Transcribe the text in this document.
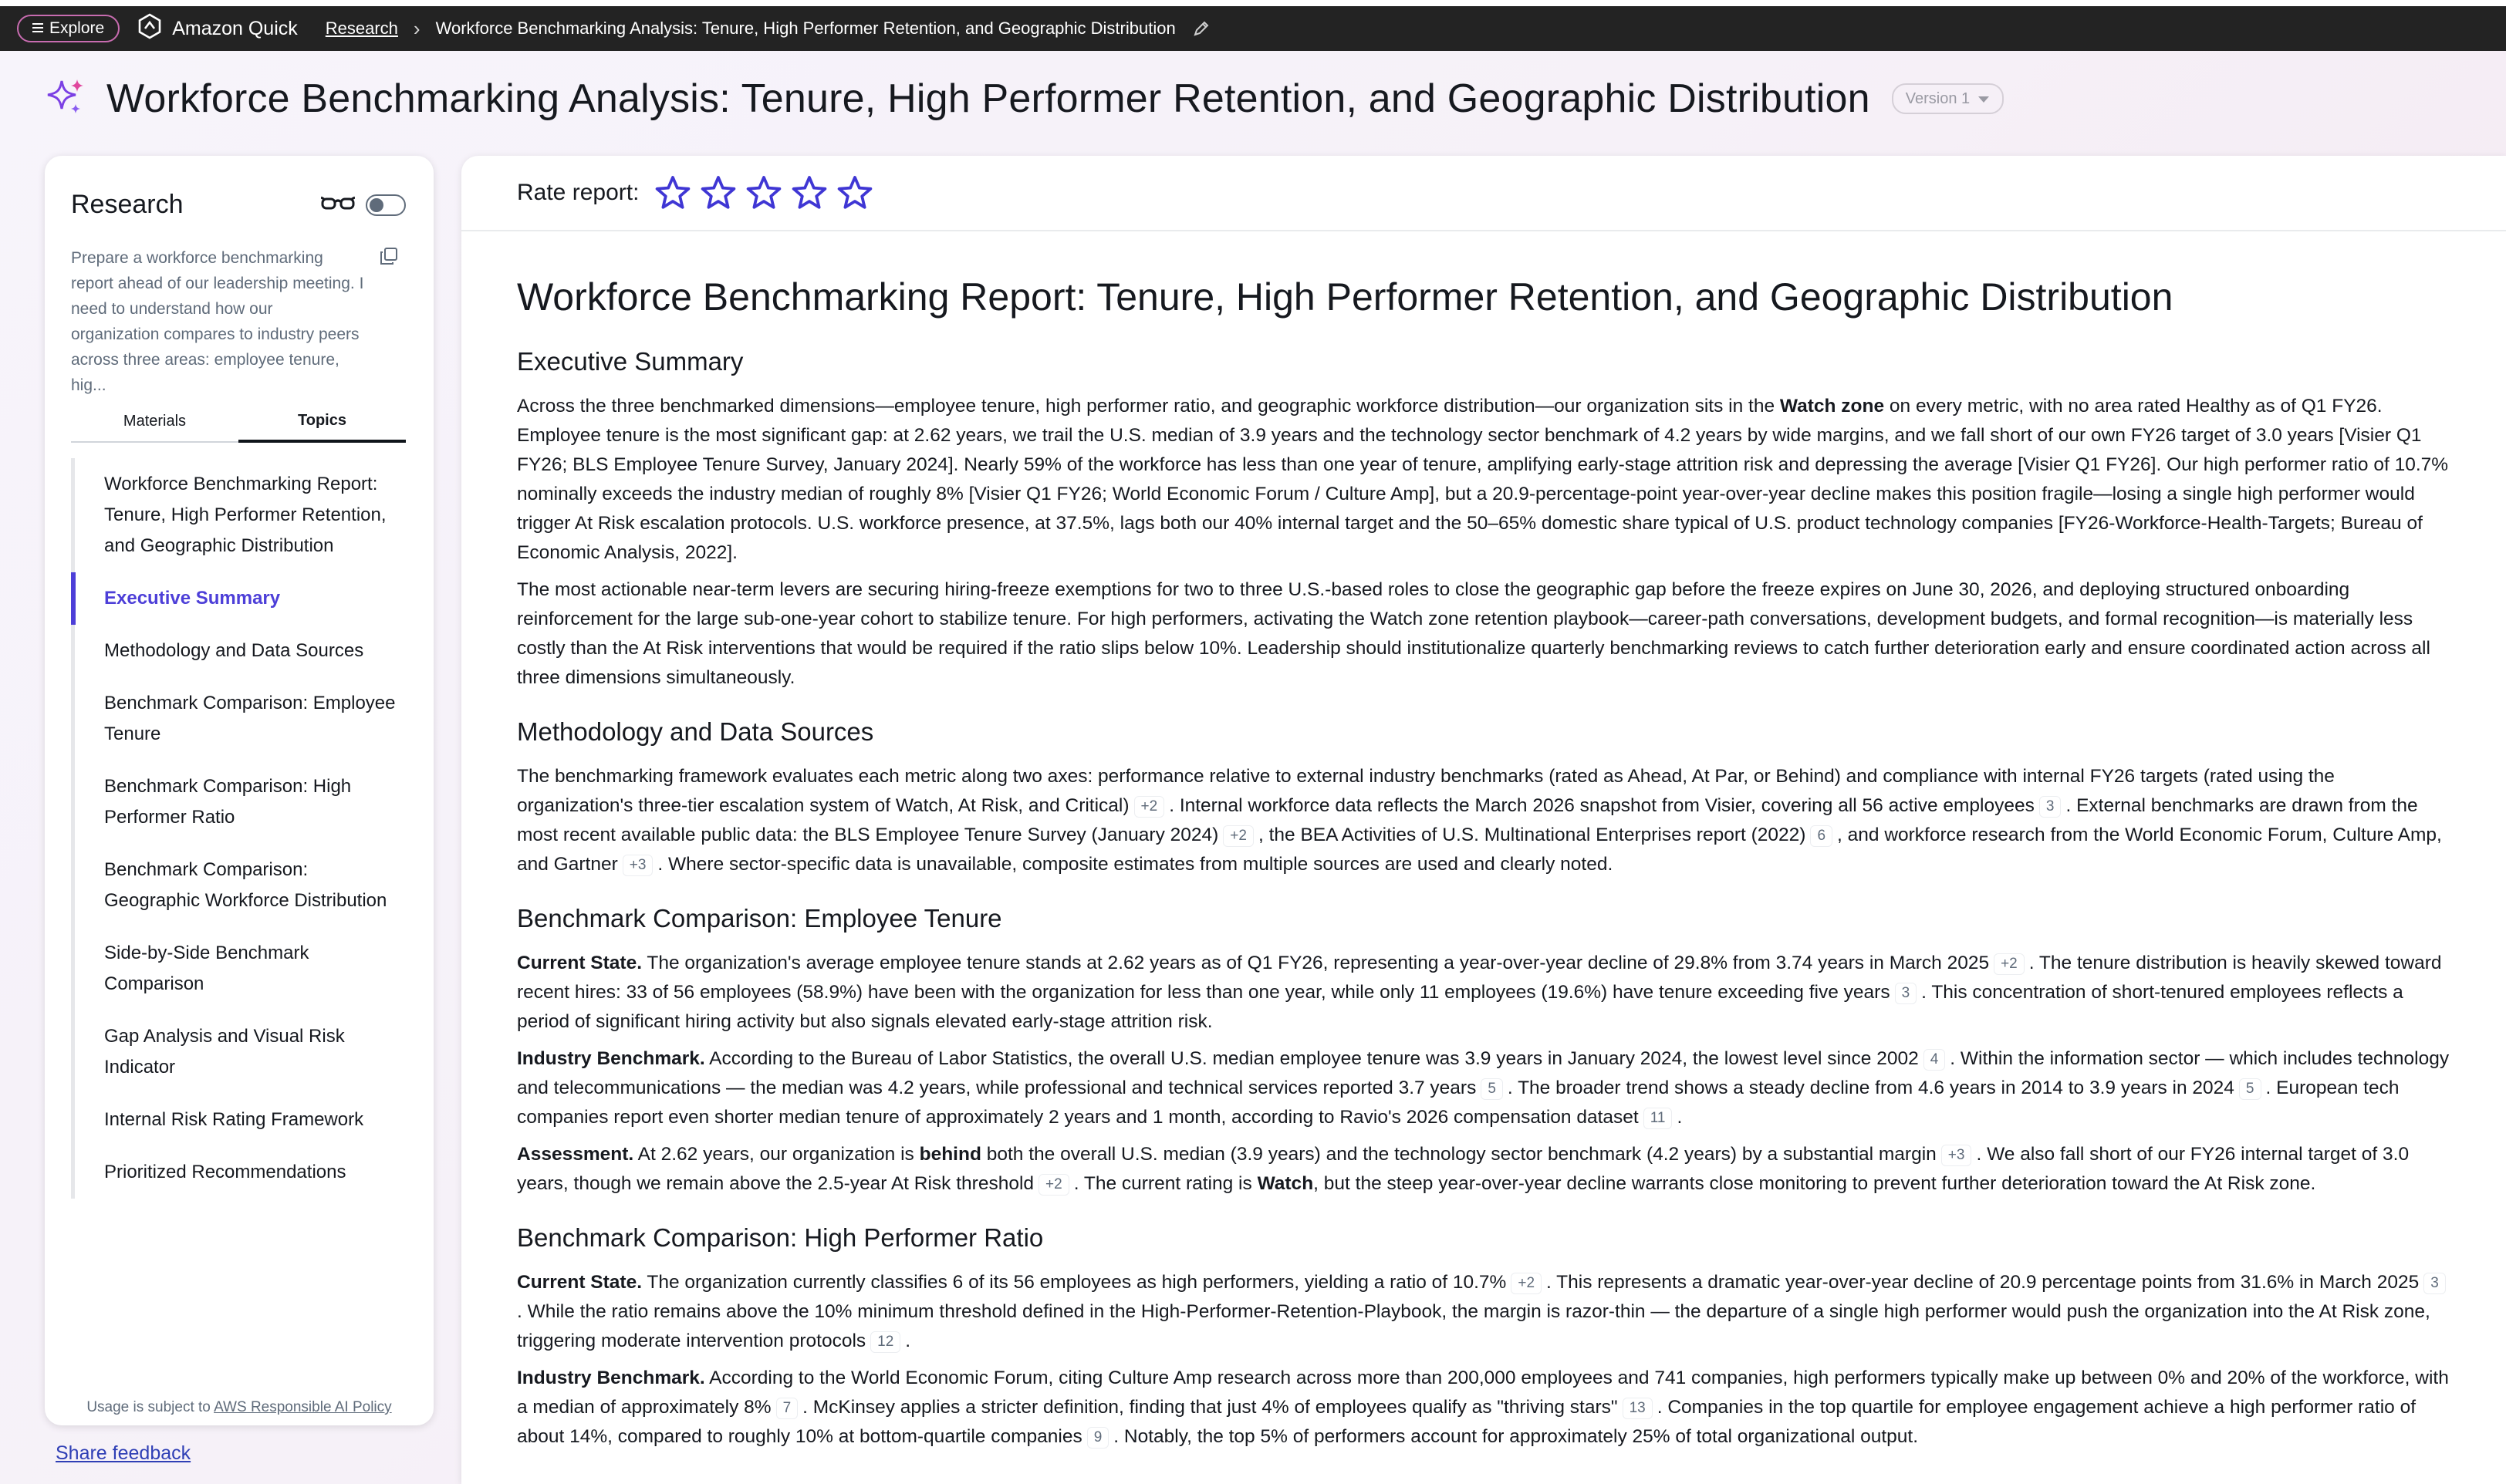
Explore	Amazon Quick Research › Workforce Benchmarking Analysis: Tenure, High Performer Retention, and Geographic Distribution
Workforce Benchmarking Analysis: Tenure, High Performer Retention, and Geographic Distribution Version 1
Research
Prepare a workforce benchmarking report ahead of our leadership meeting. I need to understand how our organization compares to industry peers across three areas: employee tenure, hig...
Materials	Topics
Workforce Benchmarking Report: Tenure, High Performer Retention, and Geographic Distribution
Executive Summary
Methodology and Data Sources
Benchmark Comparison: Employee Tenure
Benchmark Comparison: High Performer Ratio
Benchmark Comparison: Geographic Workforce Distribution
Side-by-Side Benchmark Comparison
Gap Analysis and Visual Risk Indicator
Internal Risk Rating Framework
Prioritized Recommendations
Usage is subject to AWS Responsible AI Policy
Share feedback
Rate report:
Workforce Benchmarking Report: Tenure, High Performer Retention, and Geographic Distribution
Executive Summary

Across the three benchmarked dimensions—employee tenure, high performer ratio, and geographic workforce distribution—our organization sits in the Watch zone on every metric, with no area rated Healthy as of Q1 FY26. Employee tenure is the most significant gap: at 2.62 years, we trail the U.S. median of 3.9 years and the technology sector benchmark of 4.2 years by wide margins, and we fall short of our own FY26 target of 3.0 years [Visier Q1 FY26; BLS Employee Tenure Survey, January 2024]. Nearly 59% of the workforce has less than one year of tenure, amplifying early-stage attrition risk and depressing the average [Visier Q1 FY26]. Our high performer ratio of 10.7% nominally exceeds the industry median of roughly 8% [Visier Q1 FY26; World Economic Forum / Culture Amp], but a 20.9-percentage-point year-over-year decline makes this position fragile—losing a single high performer would trigger At Risk escalation protocols. U.S. workforce presence, at 37.5%, lags both our 40% internal target and the 50–65% domestic share typical of U.S. product technology companies [FY26-Workforce-Health-Targets; Bureau of Economic Analysis, 2022].

The most actionable near-term levers are securing hiring-freeze exemptions for two to three U.S.-based roles to close the geographic gap before the freeze expires on June 30, 2026, and deploying structured onboarding reinforcement for the large sub-one-year cohort to stabilize tenure. For high performers, activating the Watch zone retention playbook—career-path conversations, development budgets, and formal recognition—is materially less costly than the At Risk interventions that would be required if the ratio slips below 10%. Leadership should institutionalize quarterly benchmarking reviews to catch further deterioration early and ensure coordinated action across all three dimensions simultaneously.

Methodology and Data Sources

The benchmarking framework evaluates each metric along two axes: performance relative to external industry benchmarks (rated as Ahead, At Par, or Behind) and compliance with internal FY26 targets (rated using the organization's three-tier escalation system of Watch, At Risk, and Critical) +2 . Internal workforce data reflects the March 2026 snapshot from Visier, covering all 56 active employees 3 . External benchmarks are drawn from the most recent available public data: the BLS Employee Tenure Survey (January 2024) +2 , the BEA Activities of U.S. Multinational Enterprises report (2022) 6 , and workforce research from the World Economic Forum, Culture Amp, and Gartner +3 . Where sector-specific data is unavailable, composite estimates from multiple sources are used and clearly noted.

Benchmark Comparison: Employee Tenure

Current State. The organization's average employee tenure stands at 2.62 years as of Q1 FY26, representing a year-over-year decline of 29.8% from 3.74 years in March 2025 +2 . The tenure distribution is heavily skewed toward recent hires: 33 of 56 employees (58.9%) have been with the organization for less than one year, while only 11 employees (19.6%) have tenure exceeding five years 3 . This concentration of short-tenured employees reflects a period of significant hiring activity but also signals elevated early-stage attrition risk.

Industry Benchmark. According to the Bureau of Labor Statistics, the overall U.S. median employee tenure was 3.9 years in January 2024, the lowest level since 2002 4 . Within the information sector — which includes technology and telecommunications — the median was 4.2 years, while professional and technical services reported 3.7 years 5 . The broader trend shows a steady decline from 4.6 years in 2014 to 3.9 years in 2024 5 . European tech companies report even shorter median tenure of approximately 2 years and 1 month, according to Ravio's 2026 compensation dataset 11 .

Assessment. At 2.62 years, our organization is behind both the overall U.S. median (3.9 years) and the technology sector benchmark (4.2 years) by a substantial margin +3 . We also fall short of our FY26 internal target of 3.0 years, though we remain above the 2.5-year At Risk threshold +2 . The current rating is Watch, but the steep year-over-year decline warrants close monitoring to prevent further deterioration toward the At Risk zone.

Benchmark Comparison: High Performer Ratio

Current State. The organization currently classifies 6 of its 56 employees as high performers, yielding a ratio of 10.7% +2 . This represents a dramatic year-over-year decline of 20.9 percentage points from 31.6% in March 2025 3. While the ratio remains above the 10% minimum threshold defined in the High-Performer-Retention-Playbook, the margin is razor-thin — the departure of a single high performer would push the organization into the At Risk zone, triggering moderate intervention protocols 12 .

Industry Benchmark. According to the World Economic Forum, citing Culture Amp research across more than 200,000 employees and 741 companies, high performers typically make up between 0% and 20% of the workforce, with a median of approximately 8% 7 . McKinsey applies a stricter definition, finding that just 4% of employees qualify as "thriving stars" 13 . Companies in the top quartile for employee engagement achieve a high performer ratio of about 14%, compared to roughly 10% at bottom-quartile companies 9 . Notably, the top 5% of performers account for approximately 25% of total organizational output.
